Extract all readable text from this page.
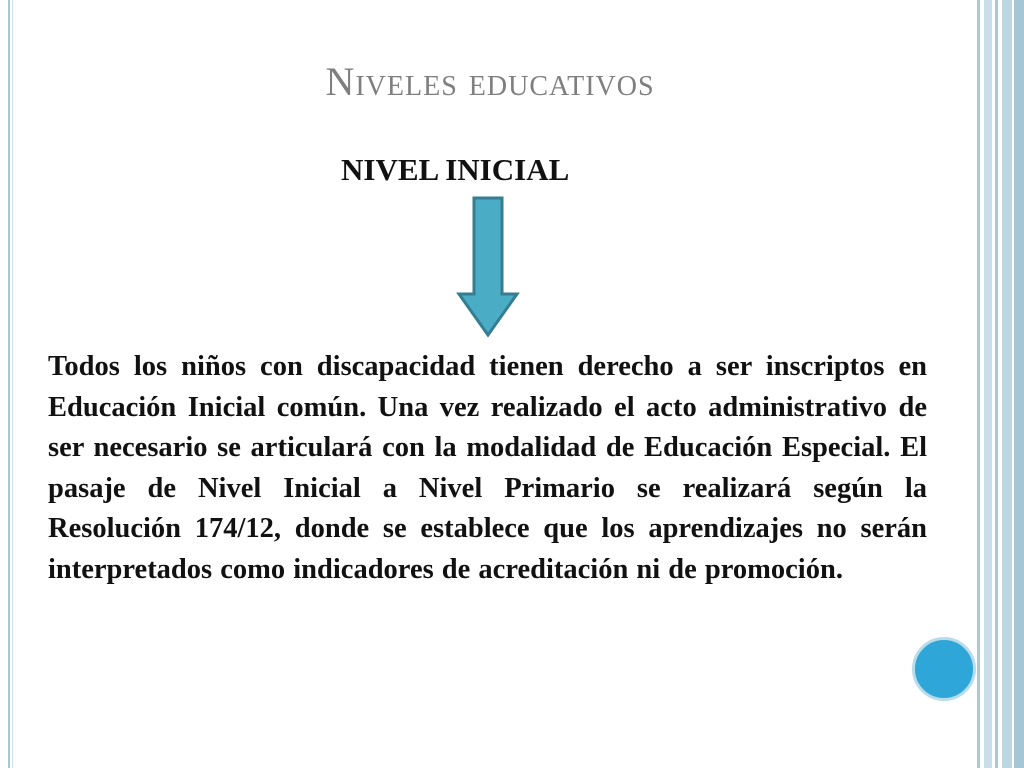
Niveles educativos
NIVEL INICIAL

Todos los niños con discapacidad tienen derecho a ser inscriptos en Educación Inicial común. Una vez realizado el acto administrativo de ser necesario se articulará con la modalidad de Educación Especial. El pasaje de Nivel Inicial a Nivel Primario se realizará según la Resolución 174/12, donde se establece que los aprendizajes no serán interpretados como indicadores de acreditación ni de promoción.
